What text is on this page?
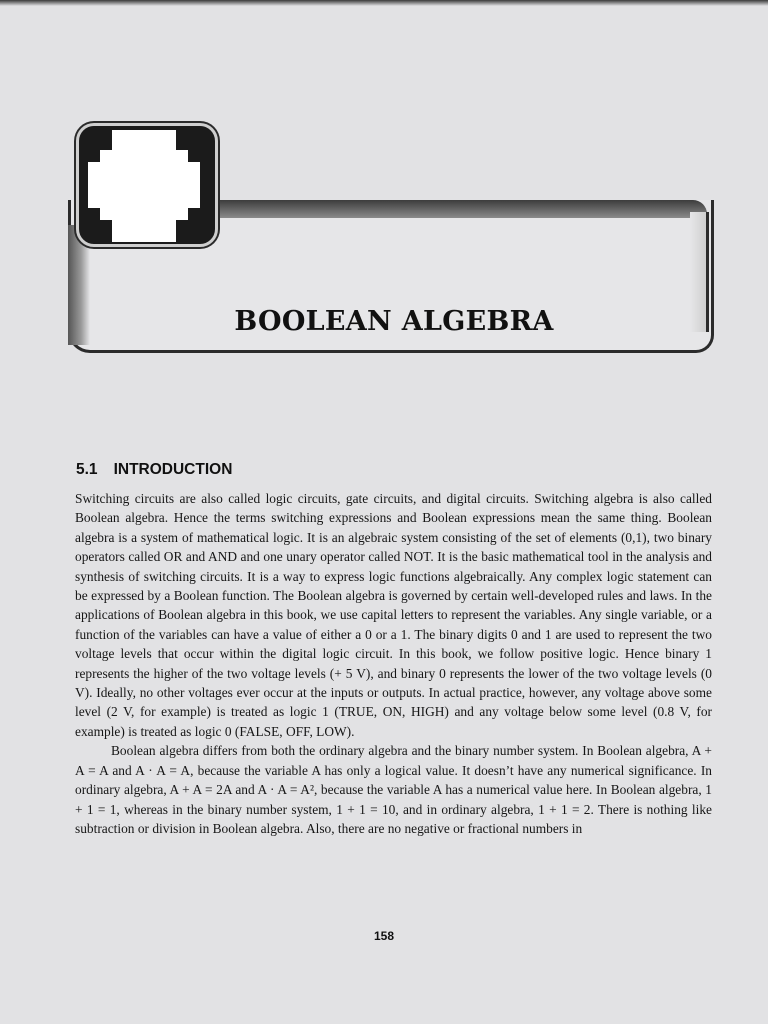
BOOLEAN ALGEBRA
5.1 INTRODUCTION

Switching circuits are also called logic circuits, gate circuits, and digital circuits. Switching algebra is also called Boolean algebra. Hence the terms switching expressions and Boolean expressions mean the same thing. Boolean algebra is a system of mathematical logic. It is an algebraic system consisting of the set of elements (0,1), two binary operators called OR and AND and one unary operator called NOT. It is the basic mathematical tool in the analysis and synthesis of switching circuits. It is a way to express logic functions algebraically. Any complex logic statement can be expressed by a Boolean function. The Boolean algebra is governed by certain well-developed rules and laws. In the applications of Boolean algebra in this book, we use capital letters to represent the variables. Any single variable, or a function of the variables can have a value of either a 0 or a 1. The binary digits 0 and 1 are used to represent the two voltage levels that occur within the digital logic circuit. In this book, we follow positive logic. Hence binary 1 represents the higher of the two voltage levels (+ 5 V), and binary 0 represents the lower of the two voltage levels (0 V). Ideally, no other voltages ever occur at the inputs or outputs. In actual practice, however, any voltage above some level (2 V, for example) is treated as logic 1 (TRUE, ON, HIGH) and any voltage below some level (0.8 V, for example) is treated as logic 0 (FALSE, OFF, LOW).

Boolean algebra differs from both the ordinary algebra and the binary number system. In Boolean algebra, A + A = A and A · A = A, because the variable A has only a logical value. It doesn’t have any numerical significance. In ordinary algebra, A + A = 2A and A · A = A², because the variable A has a numerical value here. In Boolean algebra, 1 + 1 = 1, whereas in the binary number system, 1 + 1 = 10, and in ordinary algebra, 1 + 1 = 2. There is nothing like subtraction or division in Boolean algebra. Also, there are no negative or fractional numbers in

158
